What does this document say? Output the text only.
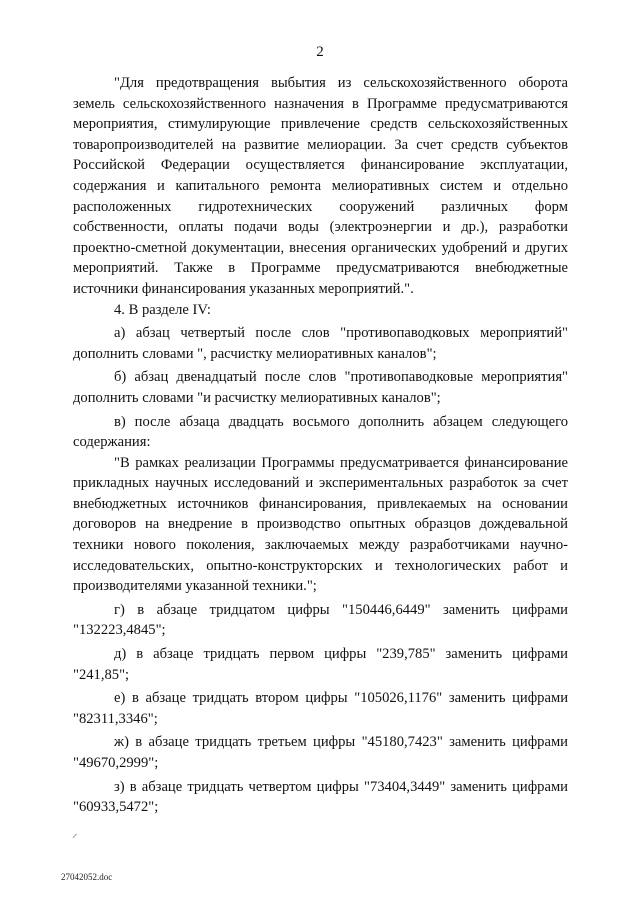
2

"Для предотвращения выбытия из сельскохозяйственного оборота земель сельскохозяйственного назначения в Программе предусматриваются мероприятия, стимулирующие привлечение средств сельскохозяйственных товаропроизводителей на развитие мелиорации. За счет средств субъектов Российской Федерации осуществляется финансирование эксплуатации, содержания и капитального ремонта мелиоративных систем и отдельно расположенных гидротехнических сооружений различных форм собственности, оплаты подачи воды (электроэнергии и др.), разработки проектно-сметной документации, внесения органических удобрений и других мероприятий. Также в Программе предусматриваются внебюджетные источники финансирования указанных мероприятий.".

4. В разделе IV:

а) абзац четвертый после слов "противопаводковых мероприятий" дополнить словами ", расчистку мелиоративных каналов";

б) абзац двенадцатый после слов "противопаводковые мероприятия" дополнить словами "и расчистку мелиоративных каналов";

в) после абзаца двадцать восьмого дополнить абзацем следующего содержания:

"В рамках реализации Программы предусматривается финансирование прикладных научных исследований и экспериментальных разработок за счет внебюджетных источников финансирования, привлекаемых на основании договоров на внедрение в производство опытных образцов дождевальной техники нового поколения, заключаемых между разработчиками научно-исследовательских, опытно-конструкторских и технологических работ и производителями указанной техники.";

г) в абзаце тридцатом цифры "150446,6449" заменить цифрами "132223,4845";

д) в абзаце тридцать первом цифры "239,785" заменить цифрами "241,85";

е) в абзаце тридцать втором цифры "105026,1176" заменить цифрами "82311,3346";

ж) в абзаце тридцать третьем цифры "45180,7423" заменить цифрами "49670,2999";

з) в абзаце тридцать четвертом цифры "73404,3449" заменить цифрами "60933,5472";

⸝
27042052.doc
